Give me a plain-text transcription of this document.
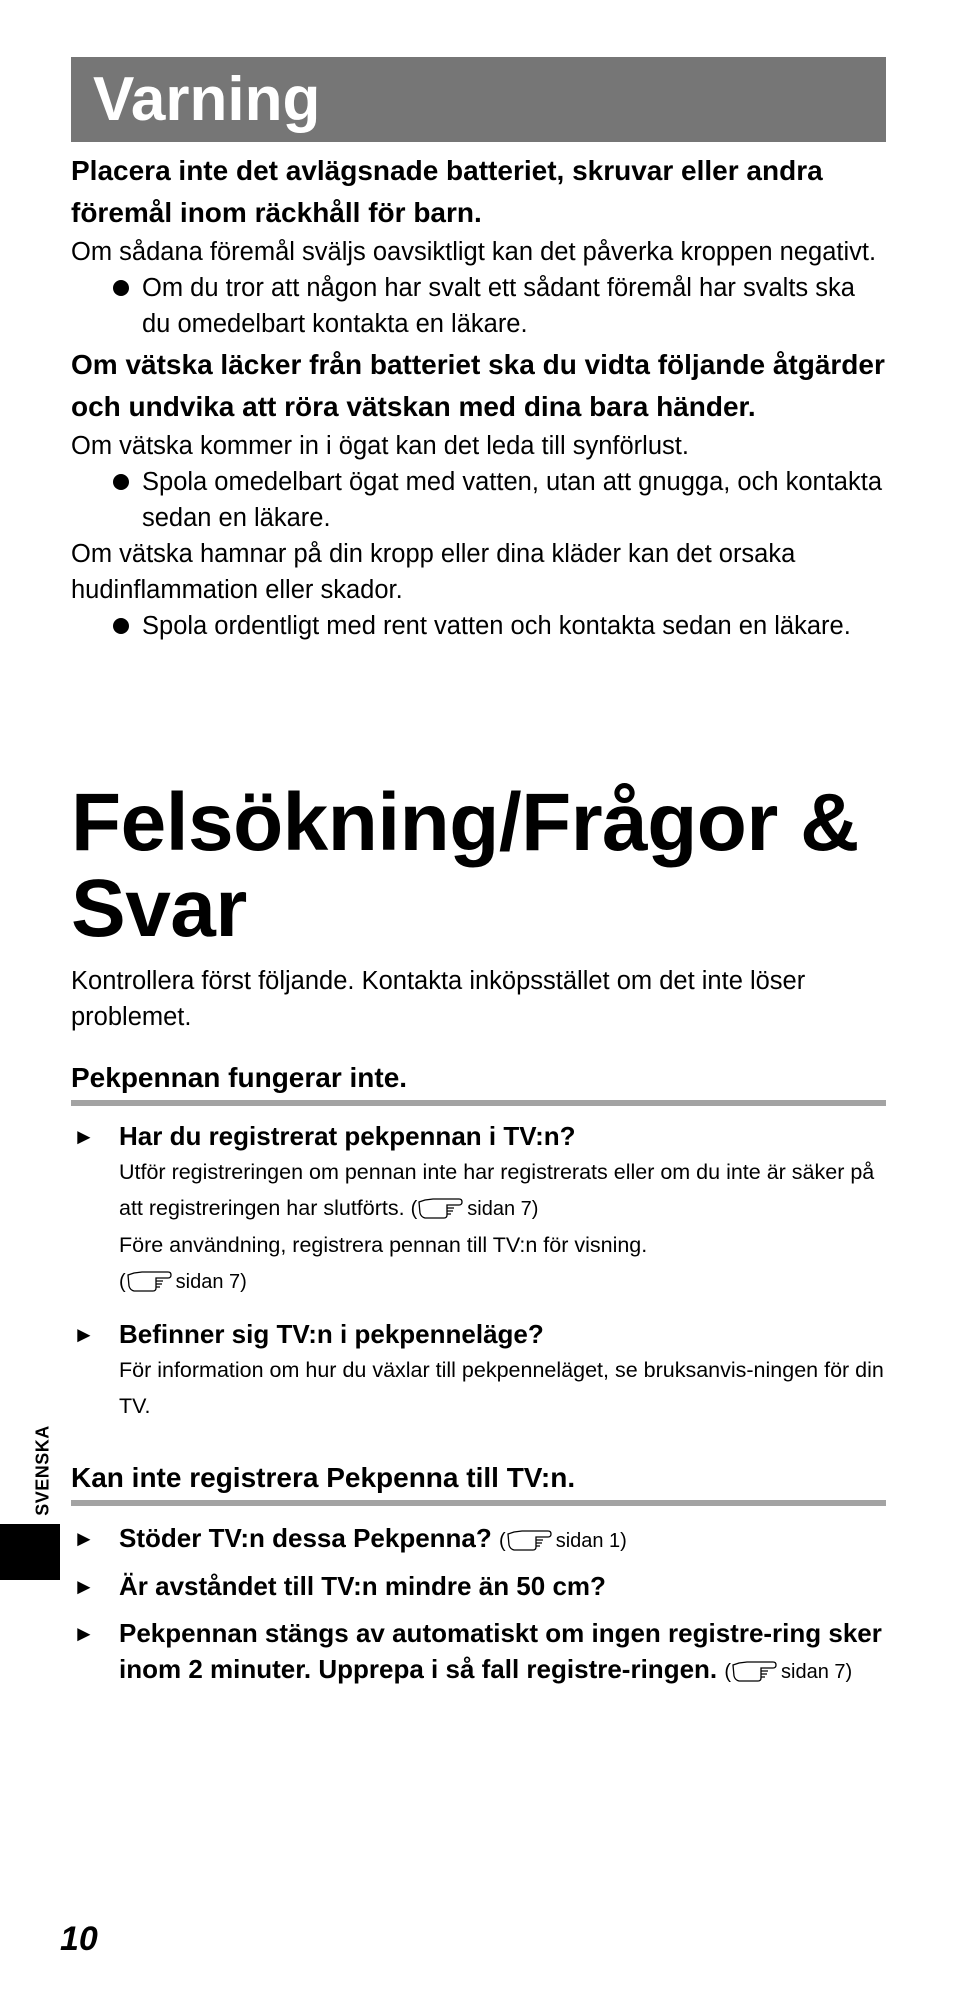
Varning
Placera inte det avlägsnade batteriet, skruvar eller andra föremål inom räckhåll för barn.
Om sådana föremål sväljs oavsiktligt kan det påverka kroppen negativt.
Om du tror att någon har svalt ett sådant föremål har svalts ska du omedelbart kontakta en läkare.
Om vätska läcker från batteriet ska du vidta följande åtgärder och undvika att röra vätskan med dina bara händer.
Om vätska kommer in i ögat kan det leda till synförlust.
Spola omedelbart ögat med vatten, utan att gnugga, och kontakta sedan en läkare.
Om vätska hamnar på din kropp eller dina kläder kan det orsaka hudinflammation eller skador.
Spola ordentligt med rent vatten och kontakta sedan en läkare.
Felsökning/Frågor &
Svar
Kontrollera först följande. Kontakta inköpsstället om det inte löser problemet.
Pekpennan fungerar inte.
► Har du registrerat pekpennan i TV:n?
Utför registreringen om pennan inte har registrerats eller om du inte är säker på att registreringen har slutförts. (	sidan 7)
Före användning, registrera pennan till TV:n för visning.
(	sidan 7)
► Befinner sig TV:n i pekpenneläge?
För information om hur du växlar till pekpenneläget, se bruksanvis-ningen för din TV.
Kan inte registrera Pekpenna till TV:n.
► Stöder TV:n dessa Pekpenna? (	sidan 1)
► Är avståndet till TV:n mindre än 50 cm?
► Pekpennan stängs av automatiskt om ingen registre-ring sker inom 2 minuter. Upprepa i så fall registre-ringen. (	sidan 7)
SVENSKA
10
